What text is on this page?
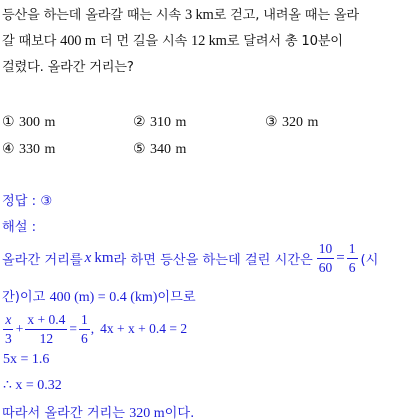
등산을 하는데 올라갈 때는 시속 3 km로 걷고, 내려올 때는 올라
갈 때보다 400 m 더 먼 길을 시속 12 km로 달려서 총 10분이
걸렸다. 올라간 거리는?
① 300 m	② 310 m	③ 320 m
④ 330 m	⑤ 340 m
정답 : ③
해설 :
올라간 거리를 x km 라 하면 등산을 하는데 걸린 시간은 $\frac{10}{60} = \frac{1}{6}$ (시
간)이고 400 (m) = 0.4 (km)이므로
$\frac{x}{3} + \frac{x + 0.4}{12} = \frac{1}{6}$ , 4x + x + 0.4 = 2
5x = 1.6
∴ x = 0.32
따라서 올라간 거리는 320 m이다.
